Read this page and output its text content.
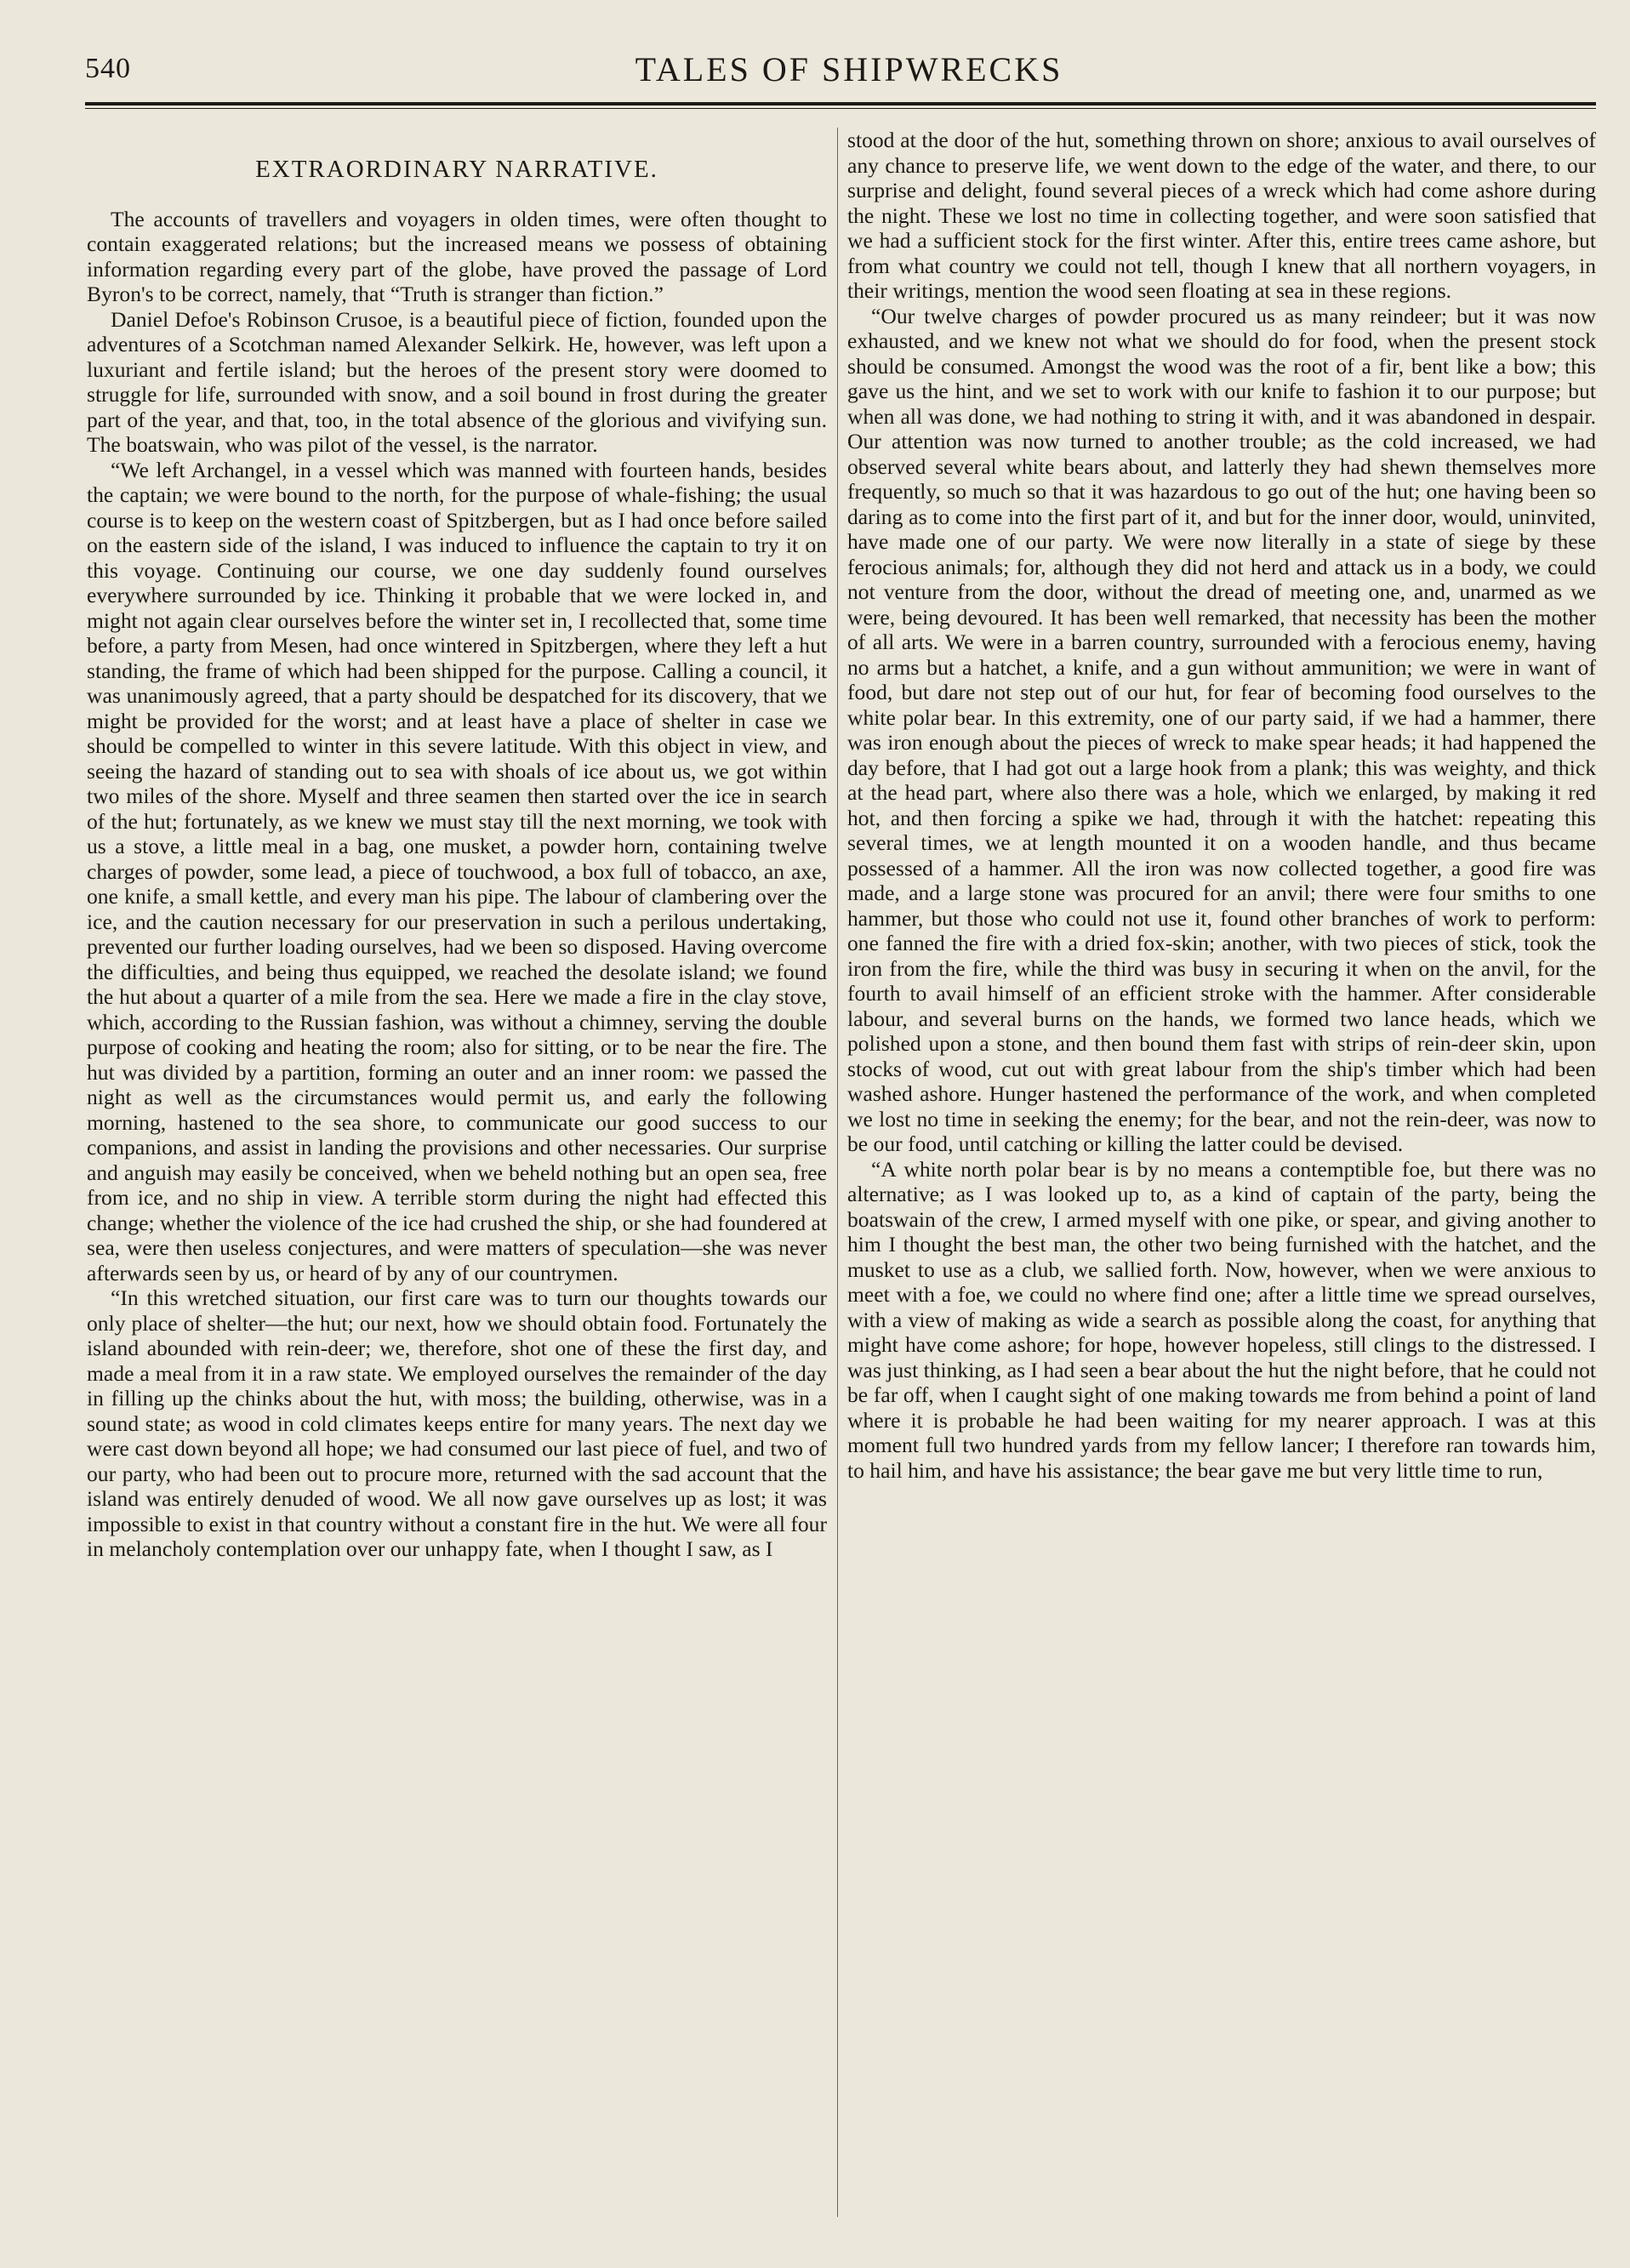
540	TALES OF SHIPWRECKS
EXTRAORDINARY NARRATIVE.

The accounts of travellers and voyagers in olden times, were often thought to contain exaggerated relations; but the increased means we possess of obtaining information regarding every part of the globe, have proved the passage of Lord Byron's to be correct, namely, that “Truth is stranger than fiction.”

Daniel Defoe's Robinson Crusoe, is a beautiful piece of fiction, founded upon the adventures of a Scotchman named Alexander Selkirk. He, however, was left upon a luxuriant and fertile island; but the heroes of the present story were doomed to struggle for life, surrounded with snow, and a soil bound in frost during the greater part of the year, and that, too, in the total absence of the glorious and vivifying sun. The boatswain, who was pilot of the vessel, is the narrator.

“We left Archangel, in a vessel which was manned with fourteen hands, besides the captain; we were bound to the north, for the purpose of whale-fishing; the usual course is to keep on the western coast of Spitzbergen, but as I had once before sailed on the eastern side of the island, I was induced to influence the captain to try it on this voyage. Continuing our course, we one day suddenly found ourselves everywhere surrounded by ice. Thinking it probable that we were locked in, and might not again clear ourselves before the winter set in, I recollected that, some time before, a party from Mesen, had once wintered in Spitzbergen, where they left a hut standing, the frame of which had been shipped for the purpose. Calling a council, it was unanimously agreed, that a party should be despatched for its discovery, that we might be provided for the worst; and at least have a place of shelter in case we should be compelled to winter in this severe latitude. With this object in view, and seeing the hazard of standing out to sea with shoals of ice about us, we got within two miles of the shore. Myself and three seamen then started over the ice in search of the hut; fortunately, as we knew we must stay till the next morning, we took with us a stove, a little meal in a bag, one musket, a powder horn, containing twelve charges of powder, some lead, a piece of touchwood, a box full of tobacco, an axe, one knife, a small kettle, and every man his pipe. The labour of clambering over the ice, and the caution necessary for our preservation in such a perilous undertaking, prevented our further loading ourselves, had we been so disposed. Having overcome the difficulties, and being thus equipped, we reached the desolate island; we found the hut about a quarter of a mile from the sea. Here we made a fire in the clay stove, which, according to the Russian fashion, was without a chimney, serving the double purpose of cooking and heating the room; also for sitting, or to be near the fire. The hut was divided by a partition, forming an outer and an inner room: we passed the night as well as the circumstances would permit us, and early the following morning, hastened to the sea shore, to communicate our good success to our companions, and assist in landing the provisions and other necessaries. Our surprise and anguish may easily be conceived, when we beheld nothing but an open sea, free from ice, and no ship in view. A terrible storm during the night had effected this change; whether the violence of the ice had crushed the ship, or she had foundered at sea, were then useless conjectures, and were matters of speculation—she was never afterwards seen by us, or heard of by any of our countrymen.

“In this wretched situation, our first care was to turn our thoughts towards our only place of shelter—the hut; our next, how we should obtain food. Fortunately the island abounded with rein-deer; we, therefore, shot one of these the first day, and made a meal from it in a raw state. We employed ourselves the remainder of the day in filling up the chinks about the hut, with moss; the building, otherwise, was in a sound state; as wood in cold climates keeps entire for many years. The next day we were cast down beyond all hope; we had consumed our last piece of fuel, and two of our party, who had been out to procure more, returned with the sad account that the island was entirely denuded of wood. We all now gave ourselves up as lost; it was impossible to exist in that country without a constant fire in the hut. We were all four in melancholy contemplation over our unhappy fate, when I thought I saw, as I

stood at the door of the hut, something thrown on shore; anxious to avail ourselves of any chance to preserve life, we went down to the edge of the water, and there, to our surprise and delight, found several pieces of a wreck which had come ashore during the night. These we lost no time in collecting together, and were soon satisfied that we had a sufficient stock for the first winter. After this, entire trees came ashore, but from what country we could not tell, though I knew that all northern voyagers, in their writings, mention the wood seen floating at sea in these regions.

“Our twelve charges of powder procured us as many reindeer; but it was now exhausted, and we knew not what we should do for food, when the present stock should be consumed. Amongst the wood was the root of a fir, bent like a bow; this gave us the hint, and we set to work with our knife to fashion it to our purpose; but when all was done, we had nothing to string it with, and it was abandoned in despair. Our attention was now turned to another trouble; as the cold increased, we had observed several white bears about, and latterly they had shewn themselves more frequently, so much so that it was hazardous to go out of the hut; one having been so daring as to come into the first part of it, and but for the inner door, would, uninvited, have made one of our party. We were now literally in a state of siege by these ferocious animals; for, although they did not herd and attack us in a body, we could not venture from the door, without the dread of meeting one, and, unarmed as we were, being devoured. It has been well remarked, that necessity has been the mother of all arts. We were in a barren country, surrounded with a ferocious enemy, having no arms but a hatchet, a knife, and a gun without ammunition; we were in want of food, but dare not step out of our hut, for fear of becoming food ourselves to the white polar bear. In this extremity, one of our party said, if we had a hammer, there was iron enough about the pieces of wreck to make spear heads; it had happened the day before, that I had got out a large hook from a plank; this was weighty, and thick at the head part, where also there was a hole, which we enlarged, by making it red hot, and then forcing a spike we had, through it with the hatchet: repeating this several times, we at length mounted it on a wooden handle, and thus became possessed of a hammer. All the iron was now collected together, a good fire was made, and a large stone was procured for an anvil; there were four smiths to one hammer, but those who could not use it, found other branches of work to perform: one fanned the fire with a dried fox-skin; another, with two pieces of stick, took the iron from the fire, while the third was busy in securing it when on the anvil, for the fourth to avail himself of an efficient stroke with the hammer. After considerable labour, and several burns on the hands, we formed two lance heads, which we polished upon a stone, and then bound them fast with strips of rein-deer skin, upon stocks of wood, cut out with great labour from the ship's timber which had been washed ashore. Hunger hastened the performance of the work, and when completed we lost no time in seeking the enemy; for the bear, and not the rein-deer, was now to be our food, until catching or killing the latter could be devised.

“A white north polar bear is by no means a contemptible foe, but there was no alternative; as I was looked up to, as a kind of captain of the party, being the boatswain of the crew, I armed myself with one pike, or spear, and giving another to him I thought the best man, the other two being furnished with the hatchet, and the musket to use as a club, we sallied forth. Now, however, when we were anxious to meet with a foe, we could no where find one; after a little time we spread ourselves, with a view of making as wide a search as possible along the coast, for anything that might have come ashore; for hope, however hopeless, still clings to the distressed. I was just thinking, as I had seen a bear about the hut the night before, that he could not be far off, when I caught sight of one making towards me from behind a point of land where it is probable he had been waiting for my nearer approach. I was at this moment full two hundred yards from my fellow lancer; I therefore ran towards him, to hail him, and have his assistance; the bear gave me but very little time to run,
